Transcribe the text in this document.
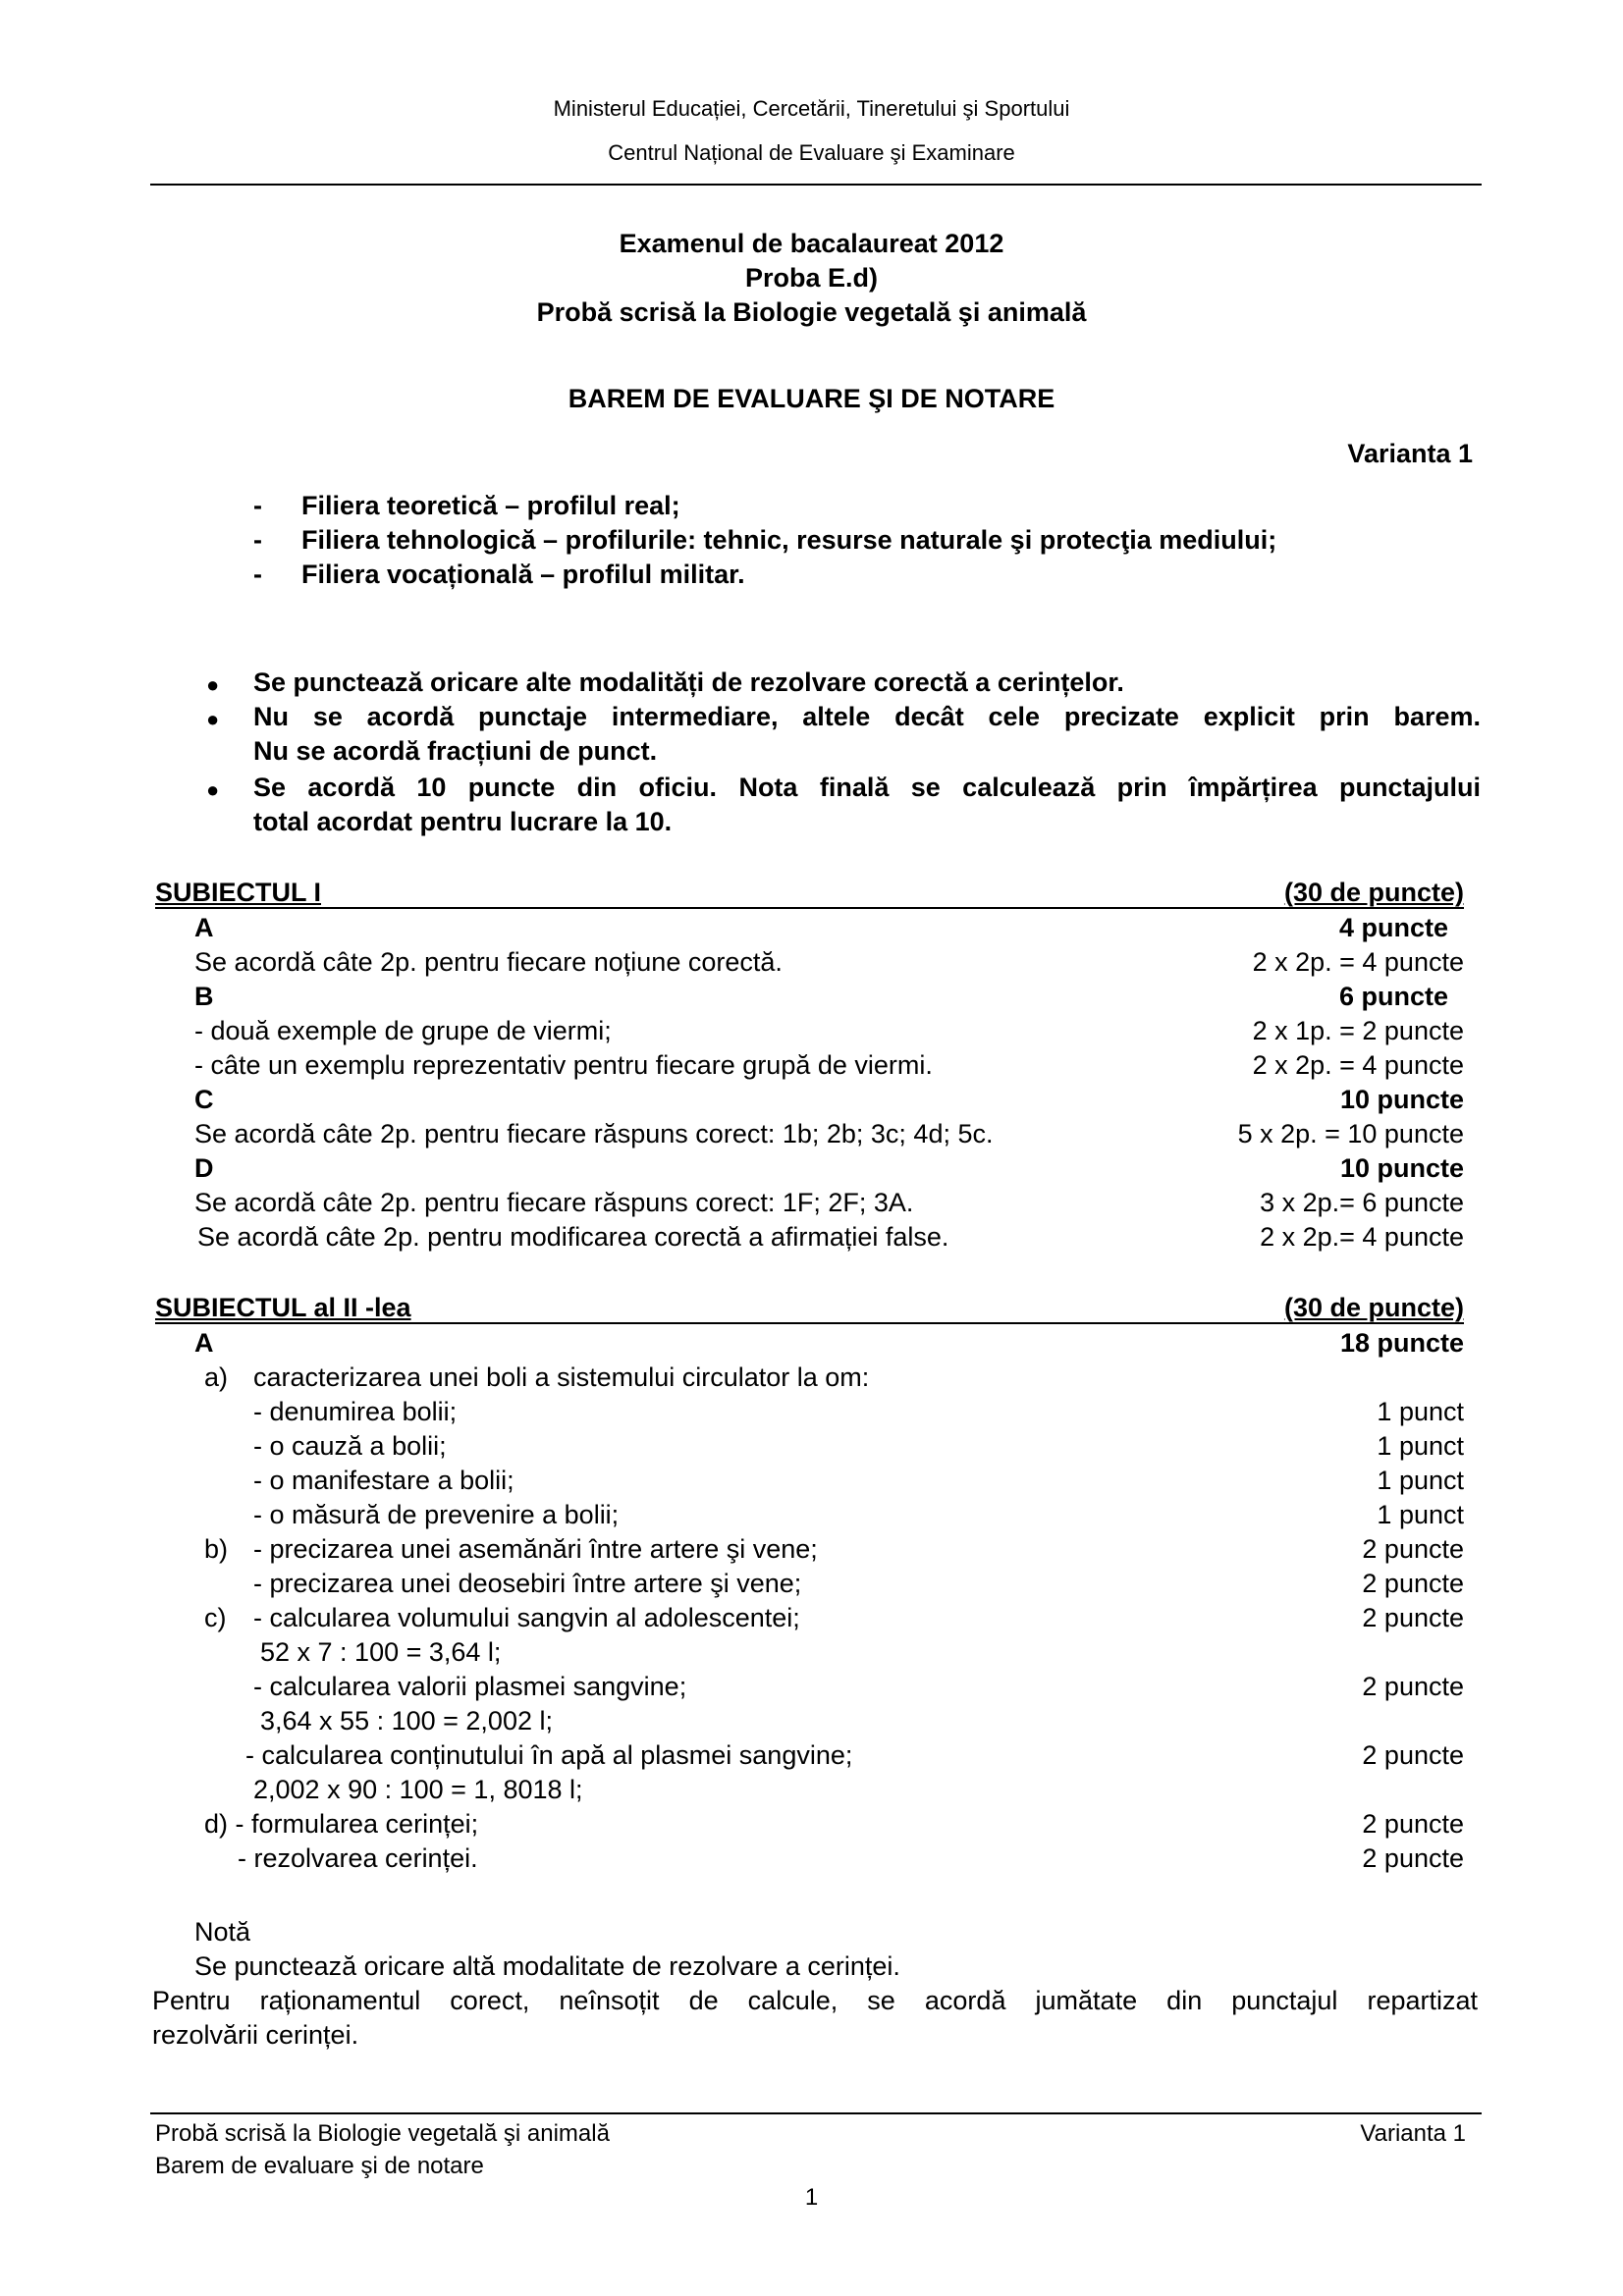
Ministerul Educației, Cercetării, Tineretului şi Sportului
Centrul Național de Evaluare şi Examinare
Examenul de bacalaureat 2012
Proba E.d)
Probă scrisă la Biologie vegetală şi animală
BAREM DE EVALUARE ŞI DE NOTARE
Varianta 1
- Filiera teoretică – profilul real;
- Filiera tehnologică – profilurile: tehnic, resurse naturale şi protecţia mediului;
- Filiera vocațională – profilul militar.
● Se punctează oricare alte modalități de rezolvare corectă a cerințelor.
● Nu se acordă punctaje intermediare, altele decât cele precizate explicit prin barem.
Nu se acordă fracțiuni de punct.
● Se acordă 10 puncte din oficiu. Nota finală se calculează prin împărțirea punctajului
total acordat pentru lucrare la 10.
SUBIECTUL I	(30 de puncte)
A	4 puncte
Se acordă câte 2p. pentru fiecare noțiune corectă.	2 x 2p. = 4 puncte
B	6 puncte
- două exemple de grupe de viermi;	2 x 1p. = 2 puncte
- câte un exemplu reprezentativ pentru fiecare grupă de viermi.	2 x 2p. = 4 puncte
C	10 puncte
Se acordă câte 2p. pentru fiecare răspuns corect: 1b; 2b; 3c; 4d; 5c.	5 x 2p. = 10 puncte
D	10 puncte
Se acordă câte 2p. pentru fiecare răspuns corect: 1F; 2F; 3A.	3 x 2p.= 6 puncte
Se acordă câte 2p. pentru modificarea corectă a afirmației false.	2 x 2p.= 4 puncte
SUBIECTUL al II -lea	(30 de puncte)
A	18 puncte
a) caracterizarea unei boli a sistemului circulator la om:
- denumirea bolii;	1 punct
- o cauză a bolii;	1 punct
- o manifestare a bolii;	1 punct
- o măsură de prevenire a bolii;	1 punct
b) - precizarea unei asemănări între artere şi vene;	2 puncte
- precizarea unei deosebiri între artere şi vene;	2 puncte
c) - calcularea volumului sangvin al adolescentei;	2 puncte
52 x 7 : 100 = 3,64 l;
- calcularea valorii plasmei sangvine;	2 puncte
3,64 x 55 : 100 = 2,002 l;
- calcularea conținutului în apă al plasmei sangvine;	2 puncte
2,002 x 90 : 100 = 1, 8018 l;
d) - formularea cerinței;	2 puncte
- rezolvarea cerinței.	2 puncte
Notă
Se punctează oricare altă modalitate de rezolvare a cerinței.
Pentru raționamentul corect, neînsoțit de calcule, se acordă jumătate din punctajul repartizat
rezolvării cerinței.
Probă scrisă la Biologie vegetală şi animală	Varianta 1
Barem de evaluare şi de notare
1
